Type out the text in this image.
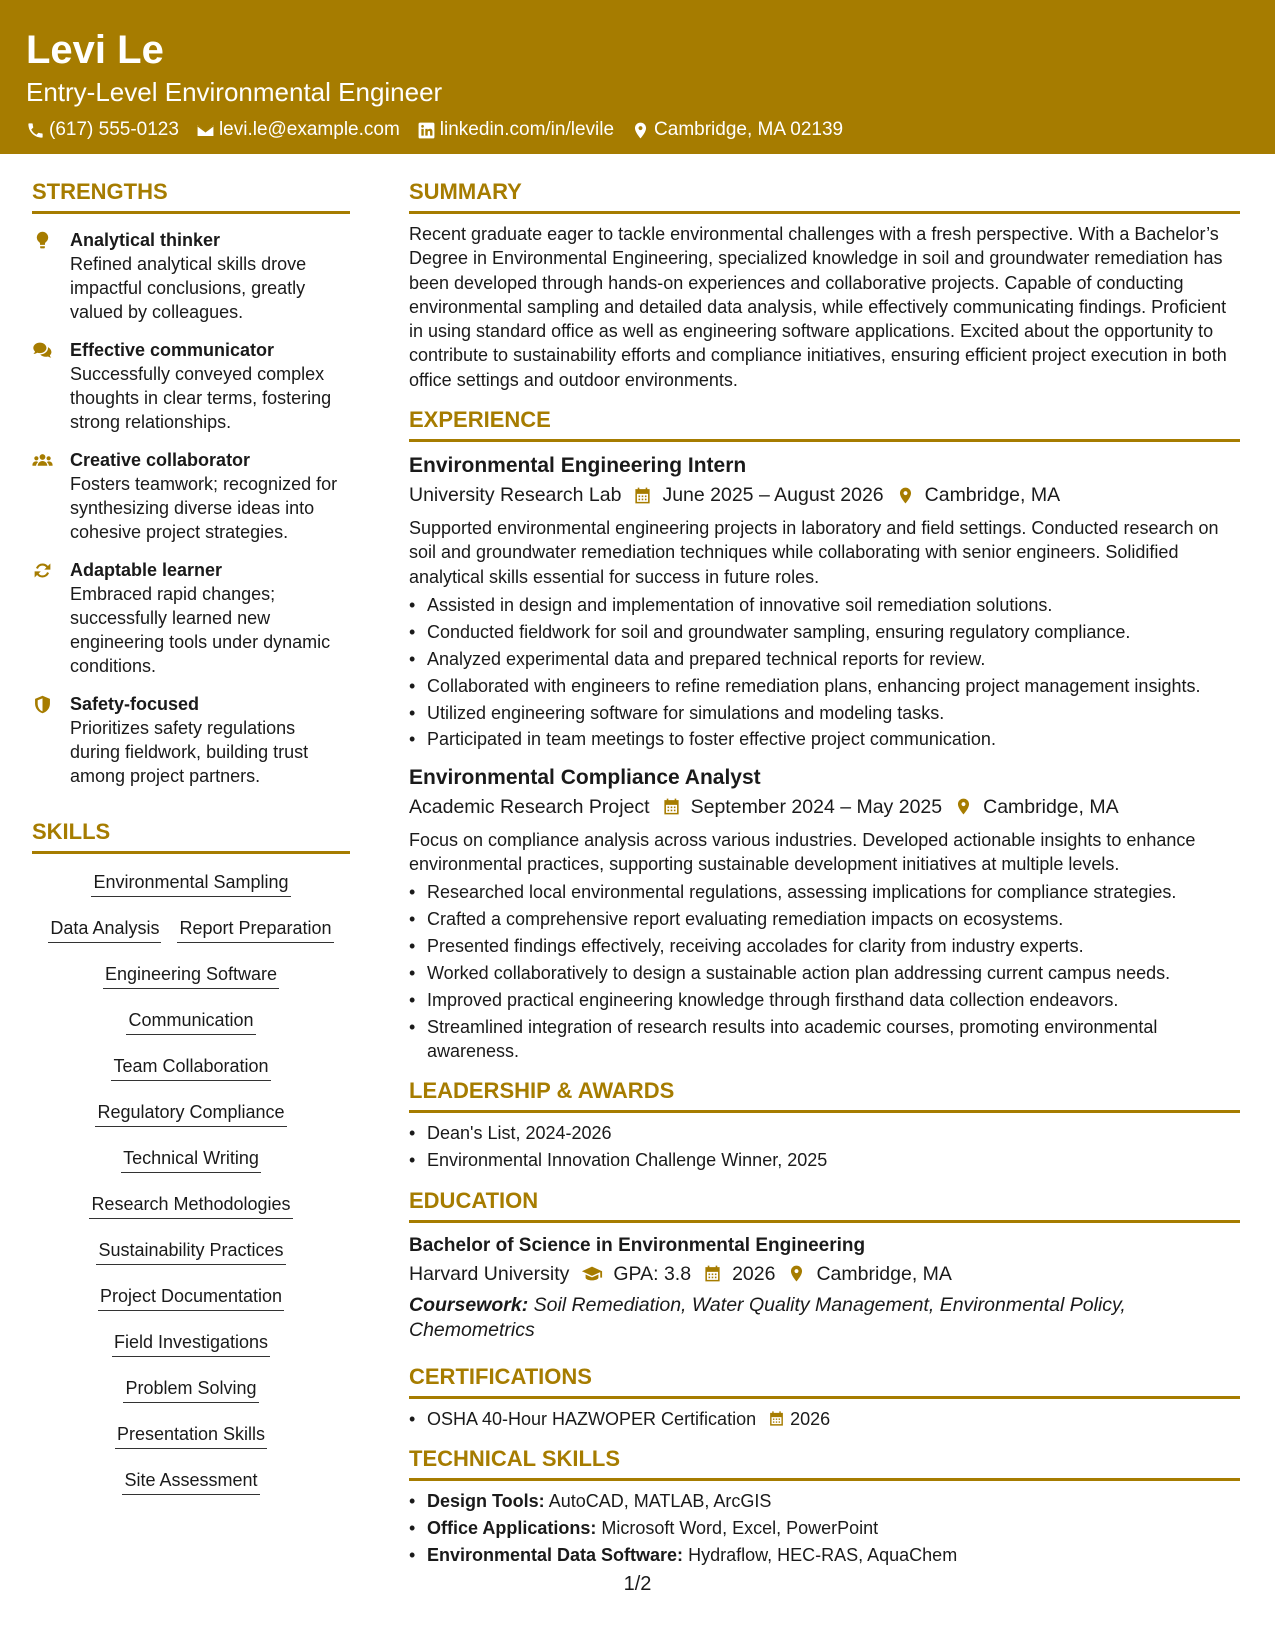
Levi Le
Entry-Level Environmental Engineer
(617) 555-0123 levi.le@example.com linkedin.com/in/levile Cambridge, MA 02139
STRENGTHS
Analytical thinker
Refined analytical skills drove impactful conclusions, greatly valued by colleagues.
Effective communicator
Successfully conveyed complex thoughts in clear terms, fostering strong relationships.
Creative collaborator
Fosters teamwork; recognized for synthesizing diverse ideas into cohesive project strategies.
Adaptable learner
Embraced rapid changes; successfully learned new engineering tools under dynamic conditions.
Safety-focused
Prioritizes safety regulations during fieldwork, building trust among project partners.
SKILLS
Environmental Sampling
Data Analysis Report Preparation
Engineering Software
Communication
Team Collaboration
Regulatory Compliance
Technical Writing
Research Methodologies
Sustainability Practices
Project Documentation
Field Investigations
Problem Solving
Presentation Skills
Site Assessment
SUMMARY
Recent graduate eager to tackle environmental challenges with a fresh perspective. With a Bachelor’s Degree in Environmental Engineering, specialized knowledge in soil and groundwater remediation has been developed through hands-on experiences and collaborative projects. Capable of conducting environmental sampling and detailed data analysis, while effectively communicating findings. Proficient in using standard office as well as engineering software applications. Excited about the opportunity to contribute to sustainability efforts and compliance initiatives, ensuring efficient project execution in both office settings and outdoor environments.
EXPERIENCE
Environmental Engineering Intern
University Research Lab June 2025 – August 2026 Cambridge, MA
Supported environmental engineering projects in laboratory and field settings. Conducted research on soil and groundwater remediation techniques while collaborating with senior engineers. Solidified analytical skills essential for success in future roles.
• Assisted in design and implementation of innovative soil remediation solutions.
• Conducted fieldwork for soil and groundwater sampling, ensuring regulatory compliance.
• Analyzed experimental data and prepared technical reports for review.
• Collaborated with engineers to refine remediation plans, enhancing project management insights.
• Utilized engineering software for simulations and modeling tasks.
• Participated in team meetings to foster effective project communication.
Environmental Compliance Analyst
Academic Research Project September 2024 – May 2025 Cambridge, MA
Focus on compliance analysis across various industries. Developed actionable insights to enhance environmental practices, supporting sustainable development initiatives at multiple levels.
• Researched local environmental regulations, assessing implications for compliance strategies.
• Crafted a comprehensive report evaluating remediation impacts on ecosystems.
• Presented findings effectively, receiving accolades for clarity from industry experts.
• Worked collaboratively to design a sustainable action plan addressing current campus needs.
• Improved practical engineering knowledge through firsthand data collection endeavors.
• Streamlined integration of research results into academic courses, promoting environmental awareness.
LEADERSHIP & AWARDS
• Dean's List, 2024-2026
• Environmental Innovation Challenge Winner, 2025
EDUCATION
Bachelor of Science in Environmental Engineering
Harvard University GPA: 3.8 2026 Cambridge, MA
Coursework: Soil Remediation, Water Quality Management, Environmental Policy, Chemometrics
CERTIFICATIONS
• OSHA 40-Hour HAZWOPER Certification 2026
TECHNICAL SKILLS
• Design Tools: AutoCAD, MATLAB, ArcGIS
• Office Applications: Microsoft Word, Excel, PowerPoint
• Environmental Data Software: Hydraflow, HEC-RAS, AquaChem
1/2
